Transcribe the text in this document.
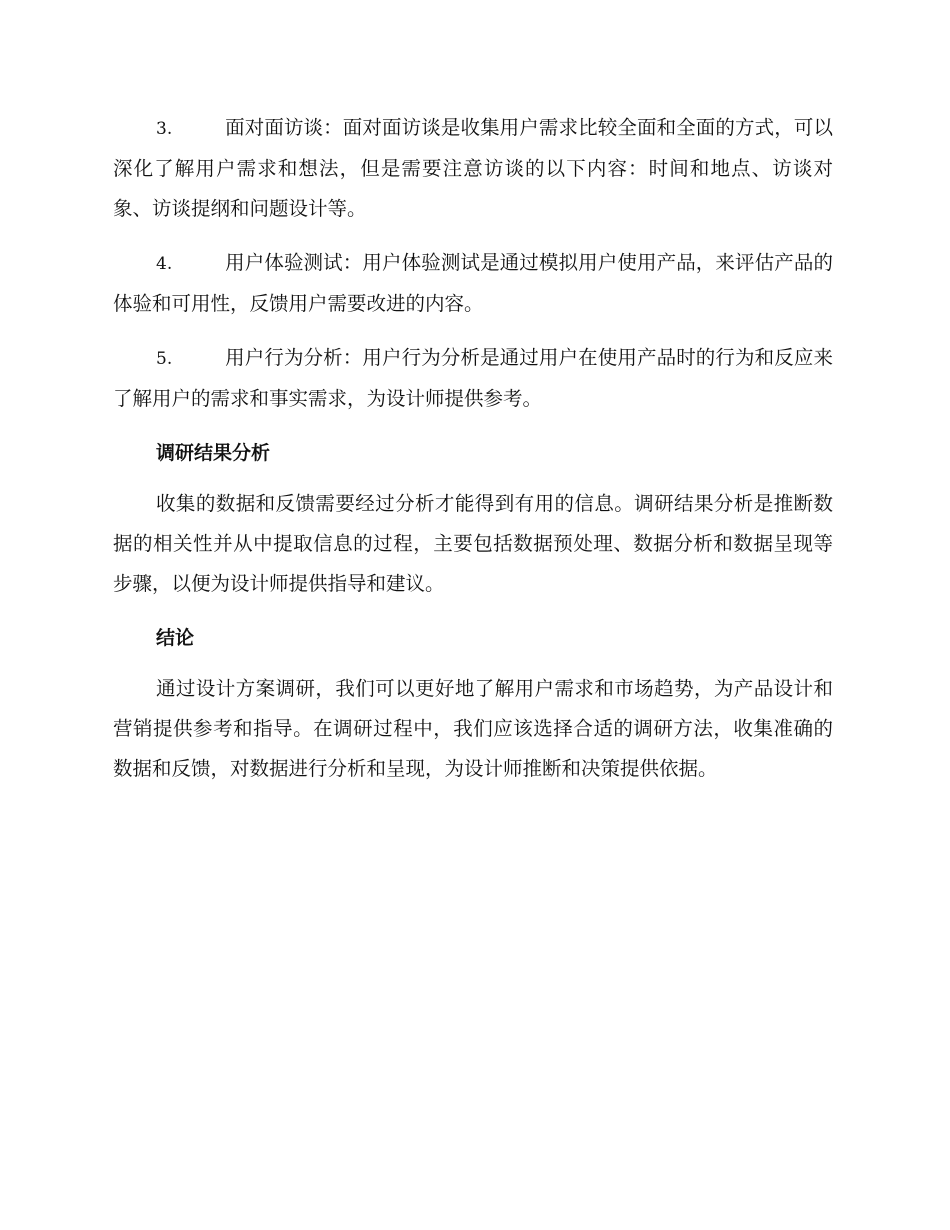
3.	面对面访谈：面对面访谈是收集用户需求比较全面和全面的方式，可以深化了解用户需求和想法，但是需要注意访谈的以下内容：时间和地点、访谈对象、访谈提纲和问题设计等。

4.	用户体验测试：用户体验测试是通过模拟用户使用产品，来评估产品的体验和可用性，反馈用户需要改进的内容。

5.	用户行为分析：用户行为分析是通过用户在使用产品时的行为和反应来了解用户的需求和事实需求，为设计师提供参考。

调研结果分析

收集的数据和反馈需要经过分析才能得到有用的信息。调研结果分析是推断数据的相关性并从中提取信息的过程，主要包括数据预处理、数据分析和数据呈现等步骤，以便为设计师提供指导和建议。

结论

通过设计方案调研，我们可以更好地了解用户需求和市场趋势，为产品设计和营销提供参考和指导。在调研过程中，我们应该选择合适的调研方法，收集准确的数据和反馈，对数据进行分析和呈现，为设计师推断和决策提供依据。
